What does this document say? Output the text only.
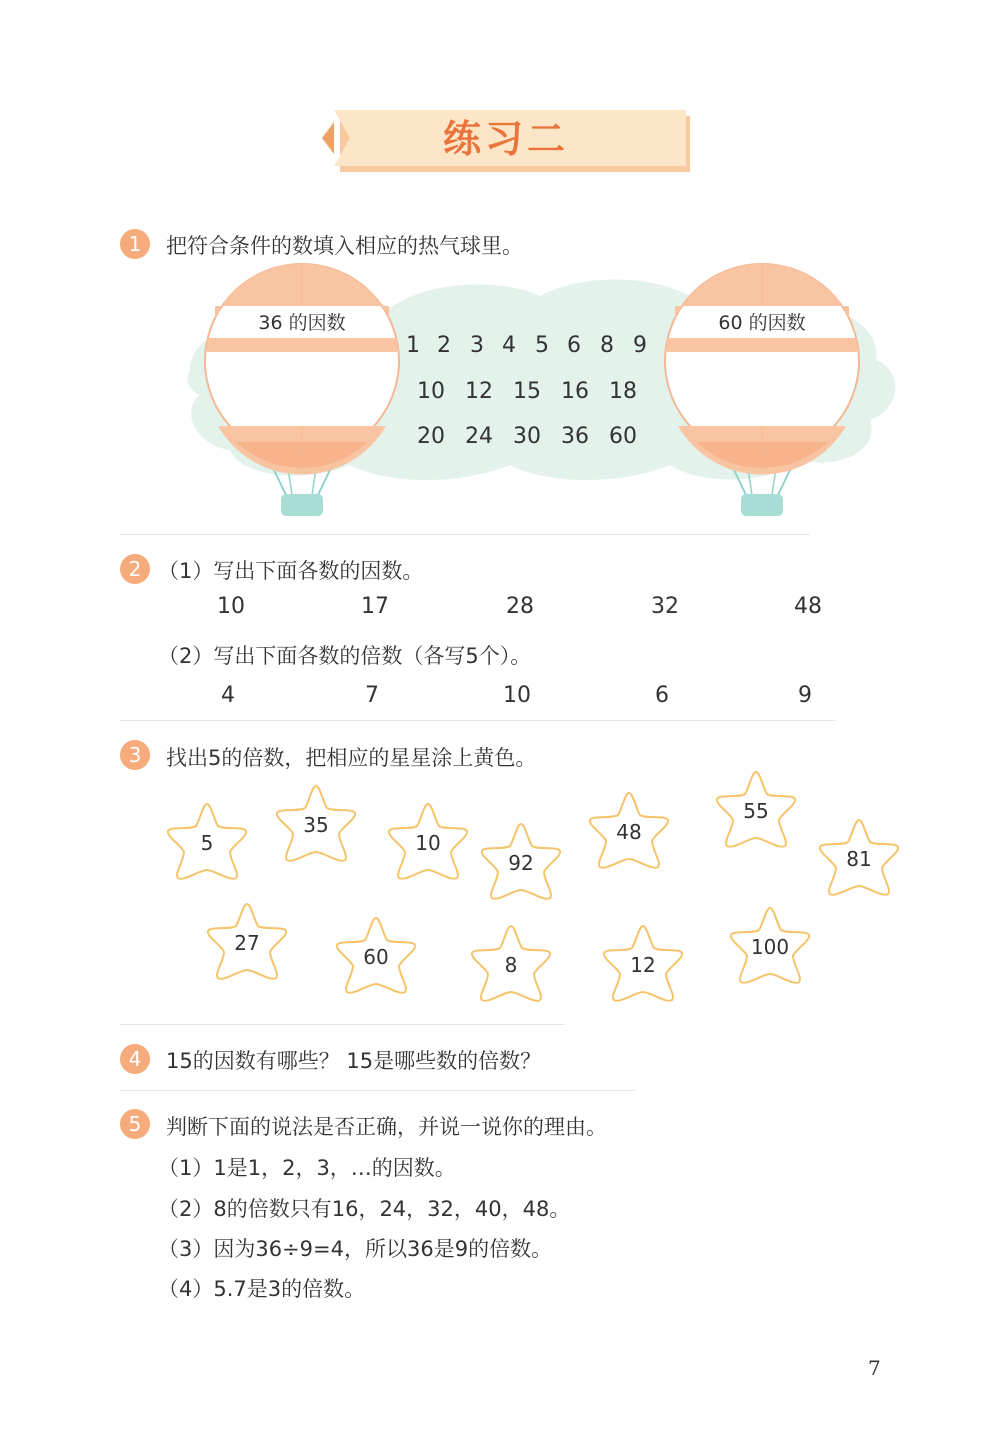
练习二
1	把符合条件的数填入相应的热气球里。
36 的因数	60 的因数
1 2 3 4 5 6 8 9
10 12 15 16 18
20 24 30 36 60
2 （1）写出下面各数的因数。
10	17	28	32	48
（2）写出下面各数的倍数（各写5个）。
4	7	10	6	9
3	找出5的倍数，把相应的星星涂上黄色。
5
35
10
92
48
55
81
27
60	8	12
100
4	15的因数有哪些？ 15是哪些数的倍数？
5	判断下面的说法是否正确，并说一说你的理由。
（1）1是1，2，3，…的因数。
（2）8的倍数只有16，24，32，40，48。
（3）因为36÷9=4，所以36是9的倍数。
（4）5.7是3的倍数。
7
